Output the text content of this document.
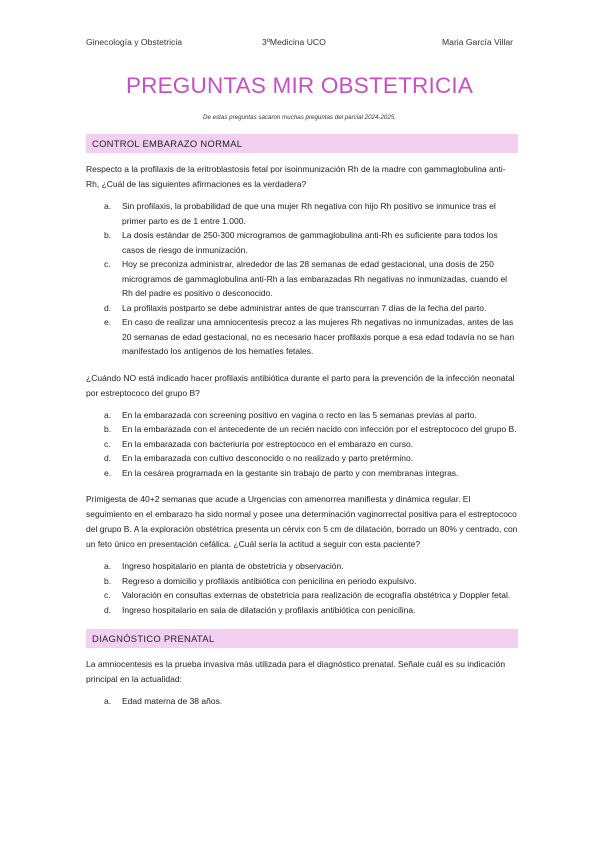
Ginecología y Obstetricia	3ºMedicina UCO	Maria García Villar
PREGUNTAS MIR OBSTETRICIA
De estas preguntas sacaron muchas preguntas del parcial 2024-2025.
CONTROL EMBARAZO NORMAL

Respecto a la profilaxis de la eritroblastosis fetal por isoinmunización Rh de la madre con gammaglobulina anti-Rh, ¿Cuál de las siguientes afirmaciones es la verdadera?

a. Sin profilaxis, la probabilidad de que una mujer Rh negativa con hijo Rh positivo se inmunice tras el primer parto es de 1 entre 1.000.
b. La dosis estándar de 250-300 microgramos de gammaglobulina anti-Rh es suficiente para todos los casos de riesgo de inmunización.
c. Hoy se preconiza administrar, alrededor de las 28 semanas de edad gestacional, una dosis de 250 microgramos de gammaglobulina anti-Rh a las embarazadas Rh negativas no inmunizadas, cuando el Rh del padre es positivo o desconocido.
d. La profilaxis postparto se debe administrar antes de que transcurran 7 días de la fecha del parto.
e. En caso de realizar una amniocentesis precoz a las mujeres Rh negativas no inmunizadas, antes de las 20 semanas de edad gestacional, no es necesario hacer profilaxis porque a esa edad todavía no se han manifestado los antígenos de los hematíes fetales.

¿Cuándo NO está indicado hacer profilaxis antibiótica durante el parto para la prevención de la infección neonatal por estreptococo del grupo B?

a. En la embarazada con screening positivo en vagina o recto en las 5 semanas previas al parto.
b. En la embarazada con el antecedente de un recién nacido con infección por el estreptococo del grupo B.
c. En la embarazada con bacteriuria por estreptococo en el embarazo en curso.
d. En la embarazada con cultivo desconocido o no realizado y parto pretérmino.
e. En la cesárea programada en la gestante sin trabajo de parto y con membranas íntegras.

Primigesta de 40+2 semanas que acude a Urgencias con amenorrea manifiesta y dinámica regular. El seguimiento en el embarazo ha sido normal y posee una determinación vaginorrectal positiva para el estreptococo del grupo B. A la exploración obstétrica presenta un cérvix con 5 cm de dilatación, borrado un 80% y centrado, con un feto único en presentación cefálica. ¿Cuál sería la actitud a seguir con esta paciente?

a. Ingreso hospitalario en planta de obstetricia y observación.
b. Regreso a domicilio y profilaxis antibiótica con penicilina en periodo expulsivo.
c. Valoración en consultas externas de obstetricia para realización de ecografía obstétrica y Doppler fetal.
d. Ingreso hospitalario en sala de dilatación y profilaxis antibiótica con penicilina.
DIAGNÓSTICO PRENATAL

La amniocentesis es la prueba invasiva más utilizada para el diagnóstico prenatal. Señale cuál es su indicación principal en la actualidad:

a. Edad materna de 38 años.
